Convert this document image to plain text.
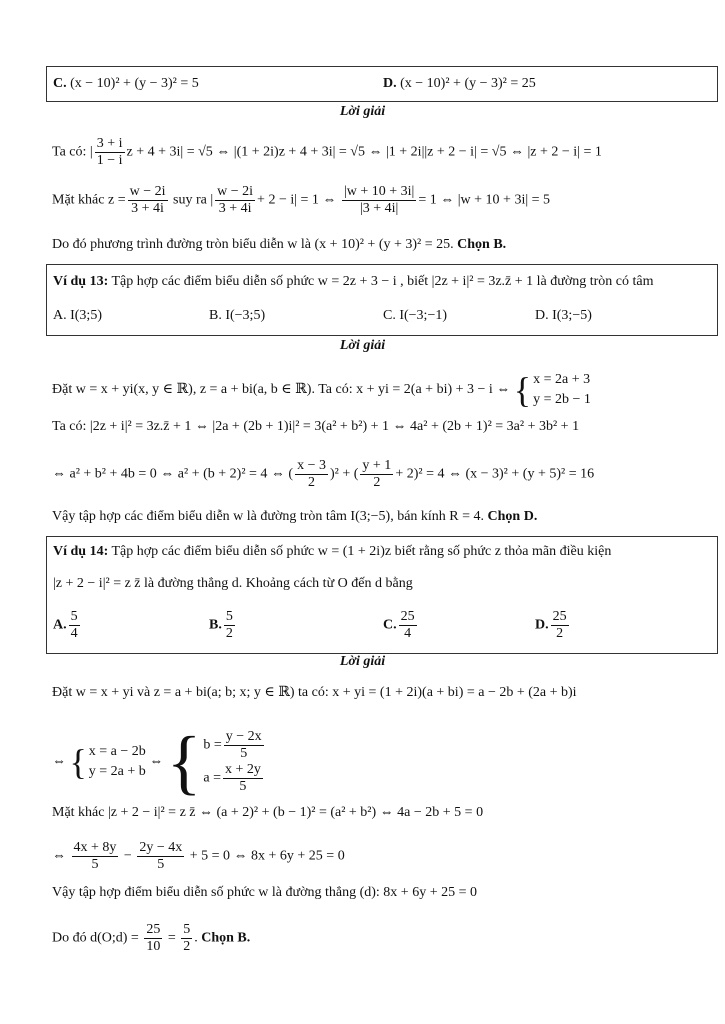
C. (x − 10)² + (y − 3)² = 5	D. (x − 10)² + (y − 3)² = 25
Lời giải
Ta có: | $\frac{3 + i}{1 - i}$ z + 4 + 3i| = √5 ⇔ |(1 + 2i)z + 4 + 3i| = √5 ⇔ |1 + 2i||z + 2 − i| = √5 ⇔ |z + 2 − i| = 1
Mặt khác $z = \frac{w - 2i}{3 + 4i}$ suy ra | $\frac{w - 2i}{3 + 4i} + 2 - i| = 1$ ⇔ $\frac{|w + 10 + 3i|}{|3 + 4i|} = 1$ ⇔ |w + 10 + 3i| = 5
Do đó phương trình đường tròn biểu diễn w là (x + 10)² + (y + 3)² = 25. Chọn B.
Ví dụ 13: Tập hợp các điểm biểu diễn số phức w = 2z + 3 − i , biết |2z + i|² = 3z.z̄ + 1 là đường tròn có tâm
A. I(3;5)	B. I(−3;5)	C. I(−3;−1)	D. I(3;−5)
Lời giải
Đặt w = x + yi(x, y ∈ ℝ), z = a + bi(a, b ∈ ℝ). Ta có: x + yi = 2(a + bi) + 3 − i ⇔ { x = 2a + 3
y = 2b − 1
Ta có: |2z + i|² = 3z.z̄ + 1 ⇔ |2a + (2b + 1)i|² = 3(a² + b²) + 1 ⇔ 4a² + (2b + 1)² = 3a² + 3b² + 1
⇔ a² + b² + 4b = 0 ⇔ a² + (b + 2)² = 4 ⇔ ( $\frac{x - 3}{2} )^2$ + ( $\frac{y + 1}{2} + 2)^2 = 4$ ⇔ (x − 3)² + (y + 5)² = 16
Vậy tập hợp các điểm biểu diễn w là đường tròn tâm I(3;−5), bán kính R = 4. Chọn D.
Ví dụ 14: Tập hợp các điểm biểu diễn số phức w = (1 + 2i)z biết rằng số phức z thỏa mãn điều kiện
|z + 2 − i|² = z z̄ là đường thẳng d. Khoảng cách từ O đến d bằng
A. $\frac{5}{4}$	B. $\frac{5}{2}$	C. $\frac{25}{4}$	D. $\frac{25}{2}$
Lời giải
Đặt w = x + yi và z = a + bi(a; b; x; y ∈ ℝ) ta có: x + yi = (1 + 2i)(a + bi) = a − 2b + (2a + b)i
⇔ { x = a − 2b
y = 2a + b ⇔ { $b = \frac{y - 2x}{5}$

$a = \frac{x + 2y}{5}$
Mặt khác |z + 2 − i|² = z z̄ ⇔ (a + 2)² + (b − 1)² = (a² + b²) ⇔ 4a − 2b + 5 = 0
⇔ $\frac{4x + 8y}{5} - \frac{2y - 4x}{5} + 5 = 0$ ⇔ 8x + 6y + 25 = 0
Vậy tập hợp điểm biểu diễn số phức w là đường thẳng (d): 8x + 6y + 25 = 0
Do đó d(O;d) = $\frac{25}{10} = \frac{5}{2}$ . Chọn B.
